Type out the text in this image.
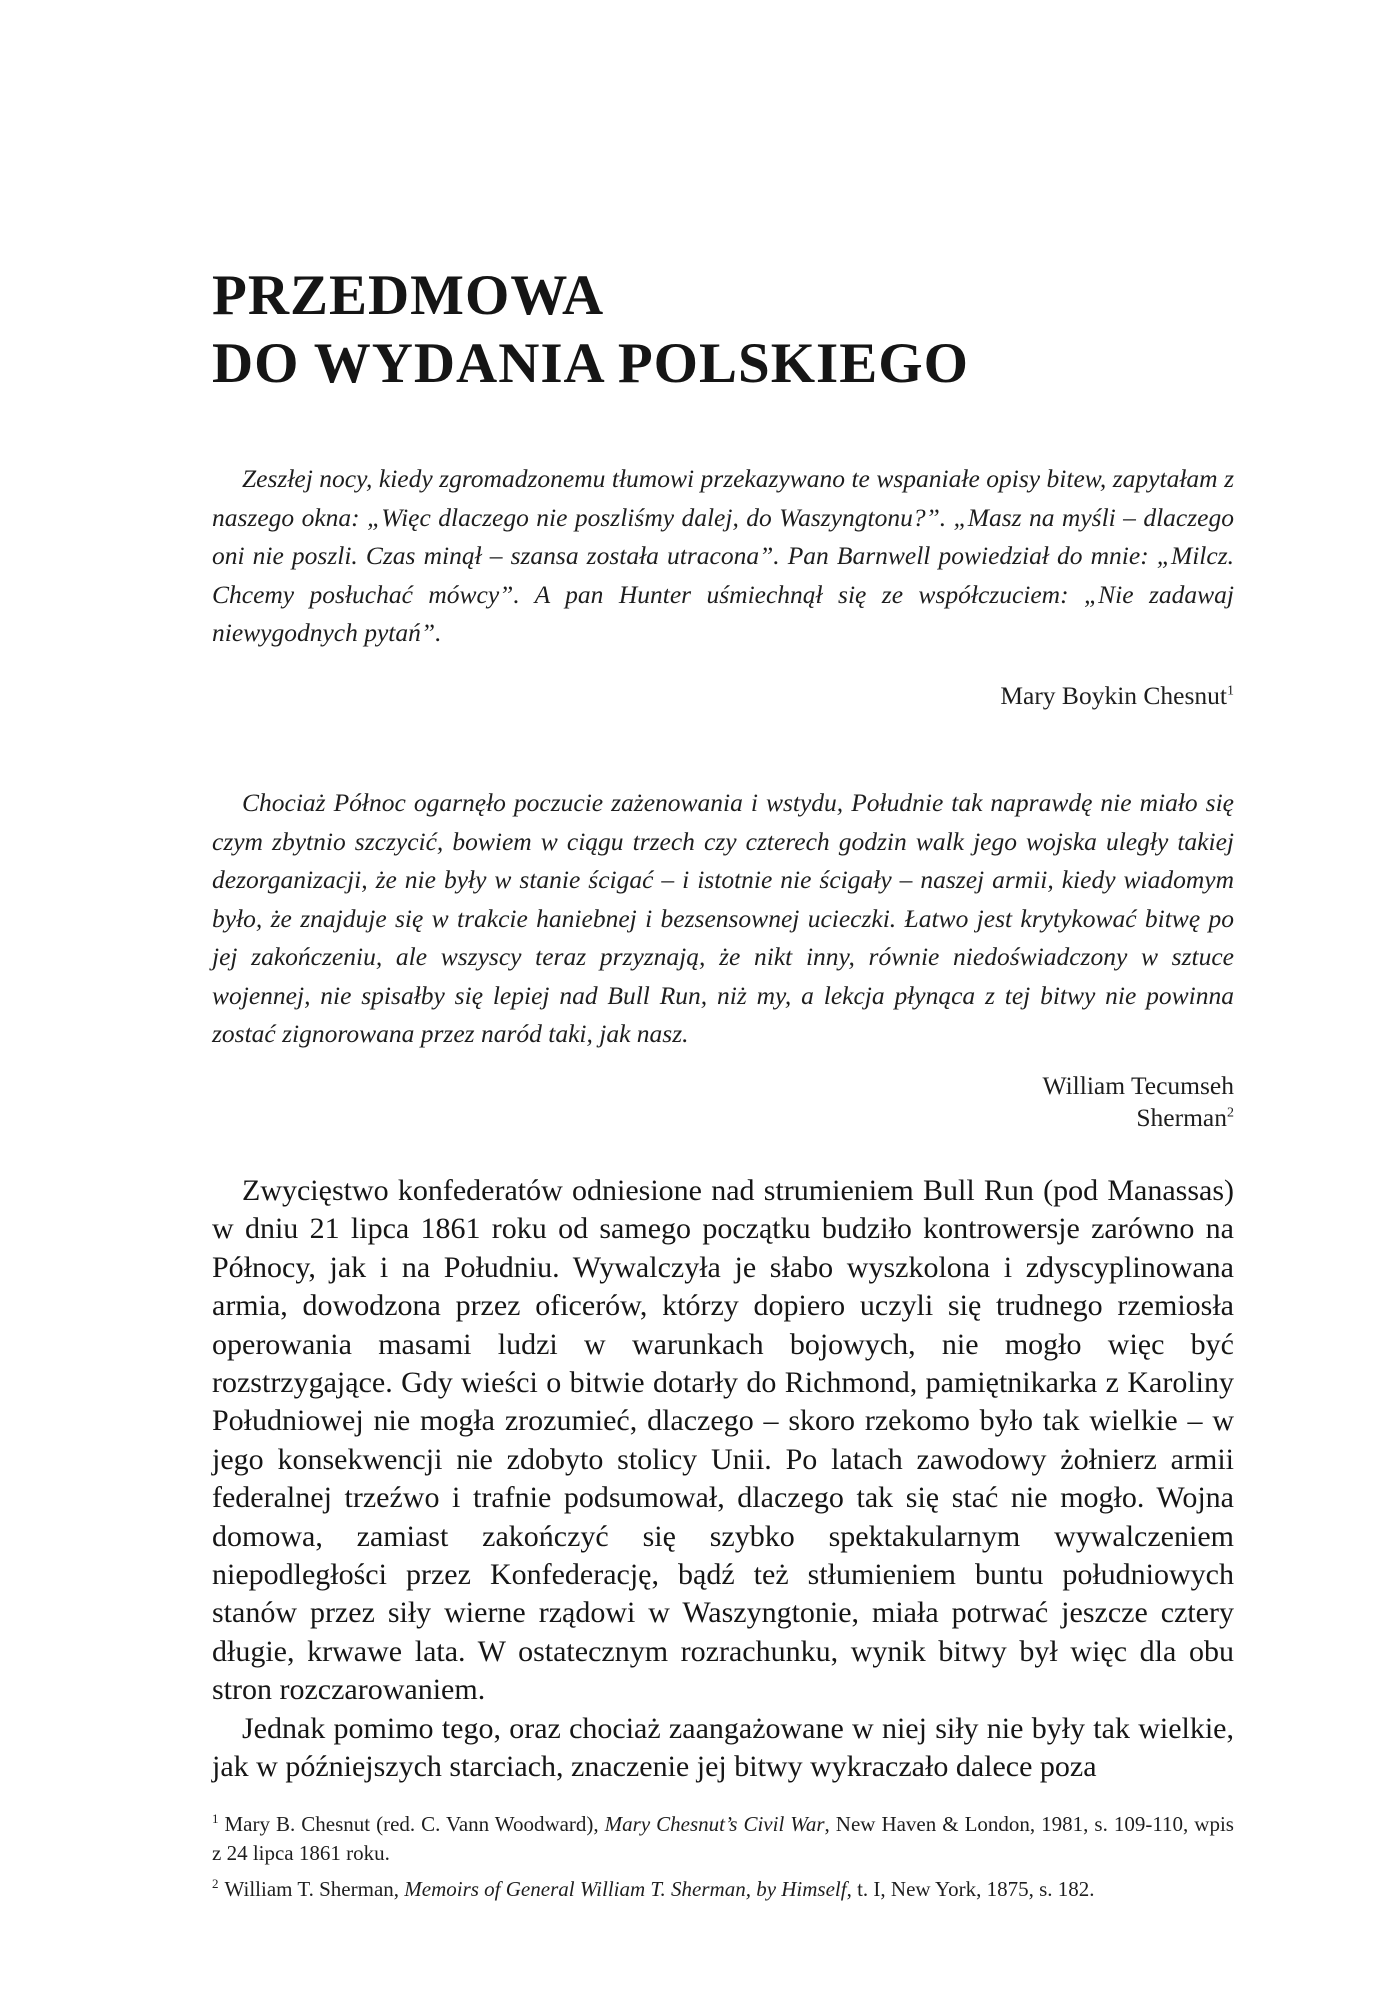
PRZEDMOWA
DO WYDANIA POLSKIEGO

Zeszłej nocy, kiedy zgromadzonemu tłumowi przekazywano te wspaniałe opisy bitew, zapytałam z naszego okna: „Więc dlaczego nie poszliśmy dalej, do Waszyngtonu?”. „Masz na myśli – dlaczego oni nie poszli. Czas minął – szansa została utracona”. Pan Barnwell powiedział do mnie: „Milcz. Chcemy posłuchać mówcy”. A pan Hunter uśmiechnął się ze współczuciem: „Nie zadawaj niewygodnych pytań”.

Mary Boykin Chesnut$^1$

Chociaż Północ ogarnęło poczucie zażenowania i wstydu, Południe tak naprawdę nie miało się czym zbytnio szczycić, bowiem w ciągu trzech czy czterech godzin walk jego wojska uległy takiej dezorganizacji, że nie były w stanie ścigać – i istotnie nie ścigały – naszej armii, kiedy wiadomym było, że znajduje się w trakcie haniebnej i bezsensownej ucieczki. Łatwo jest krytykować bitwę po jej zakończeniu, ale wszyscy teraz przyznają, że nikt inny, równie niedoświadczony w sztuce wojennej, nie spisałby się lepiej nad Bull Run, niż my, a lekcja płynąca z tej bitwy nie powinna zostać zignorowana przez naród taki, jak nasz.

William Tecumseh
Sherman$^2$

Zwycięstwo konfederatów odniesione nad strumieniem Bull Run (pod Manassas) w dniu 21 lipca 1861 roku od samego początku budziło kontrowersje zarówno na Północy, jak i na Południu. Wywalczyła je słabo wyszkolona i zdyscyplinowana armia, dowodzona przez oficerów, którzy dopiero uczyli się trudnego rzemiosła operowania masami ludzi w warunkach bojowych, nie mogło więc być rozstrzygające. Gdy wieści o bitwie dotarły do Richmond, pamiętnikarka z Karoliny Południowej nie mogła zrozumieć, dlaczego – skoro rzekomo było tak wielkie – w jego konsekwencji nie zdobyto stolicy Unii. Po latach zawodowy żołnierz armii federalnej trzeźwo i trafnie podsumował, dlaczego tak się stać nie mogło. Wojna domowa, zamiast zakończyć się szybko spektakularnym wywalczeniem niepodległości przez Konfederację, bądź też stłumieniem buntu południowych stanów przez siły wierne rządowi w Waszyngtonie, miała potrwać jeszcze cztery długie, krwawe lata. W ostatecznym rozrachunku, wynik bitwy był więc dla obu stron rozczarowaniem.

Jednak pomimo tego, oraz chociaż zaangażowane w niej siły nie były tak wielkie, jak w późniejszych starciach, znaczenie jej bitwy wykraczało dalece poza

$^1$ Mary B. Chesnut (red. C. Vann Woodward), Mary Chesnut’s Civil War, New Haven & London, 1981, s. 109-110, wpis z 24 lipca 1861 roku.

$^2$ William T. Sherman, Memoirs of General William T. Sherman, by Himself, t. I, New York, 1875, s. 182.
